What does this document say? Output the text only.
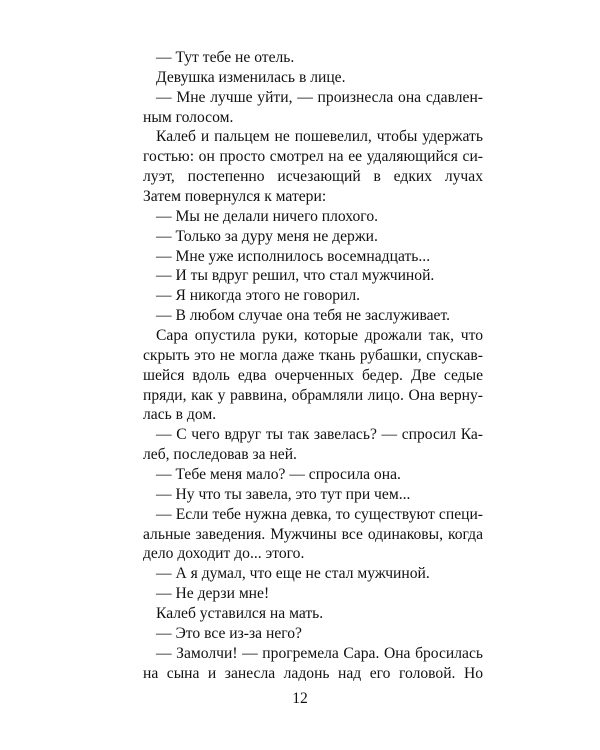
— Тут тебе не отель.
Девушка изменилась в лице.
— Мне лучше уйти, — произнесла она сдавлен-
ным голосом.
Калеб и пальцем не пошевелил, чтобы удержать
гостью: он просто смотрел на ее удаляющийся си-
луэт, постепенно исчезающий в едких лучах
Затем повернулся к матери:
— Мы не делали ничего плохого.
— Только за дуру меня не держи.
— Мне уже исполнилось восемнадцать...
— И ты вдруг решил, что стал мужчиной.
— Я никогда этого не говорил.
— В любом случае она тебя не заслуживает.
Сара опустила руки, которые дрожали так, что
скрыть это не могла даже ткань рубашки, спускав-
шейся вдоль едва очерченных бедер. Две седые
пряди, как у раввина, обрамляли лицо. Она верну-
лась в дом.
— С чего вдруг ты так завелась? — спросил Ка-
леб, последовав за ней.
— Тебе меня мало? — спросила она.
— Ну что ты завела, это тут при чем...
— Если тебе нужна девка, то существуют специ-
альные заведения. Мужчины все одинаковы, когда
дело доходит до... этого.
— А я думал, что еще не стал мужчиной.
— Не дерзи мне!
Калеб уставился на мать.
— Это все из-за него?
— Замолчи! — прогремела Сара. Она бросилась
на сына и занесла ладонь над его головой. Но
12
